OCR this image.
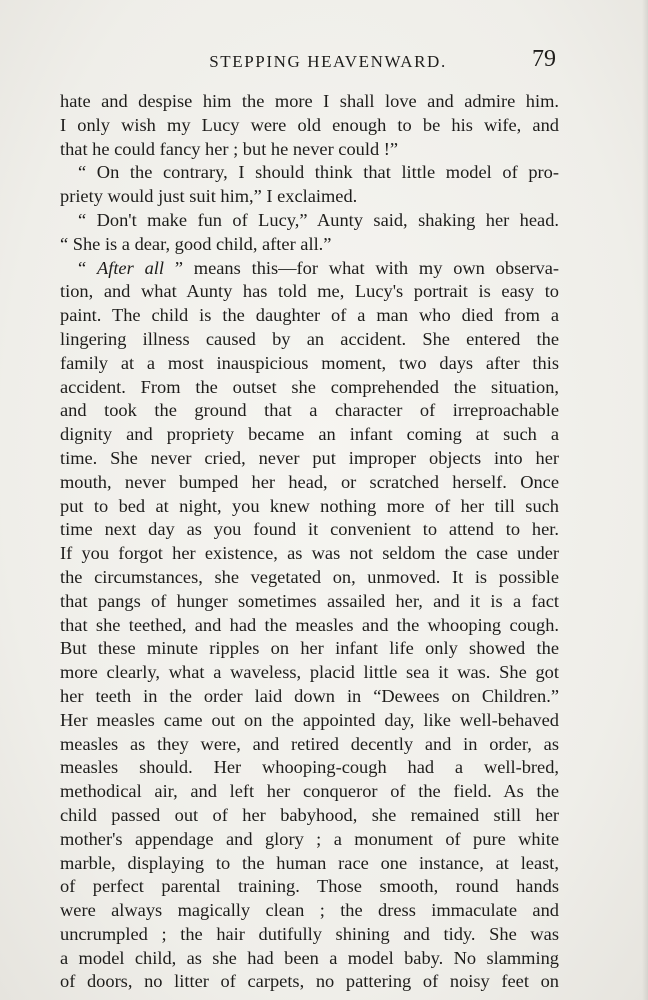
STEPPING HEAVENWARD.	79
hate and despise him the more I shall love and admire him.
I only wish my Lucy were old enough to be his wife, and
that he could fancy her ; but he never could !”
“ On the contrary, I should think that little model of pro-
priety would just suit him,” I exclaimed.
“ Don't make fun of Lucy,” Aunty said, shaking her head.
“ She is a dear, good child, after all.”
“ After all ” means this—for what with my own observa-
tion, and what Aunty has told me, Lucy's portrait is easy to
paint. The child is the daughter of a man who died from a
lingering illness caused by an accident. She entered the
family at a most inauspicious moment, two days after this
accident. From the outset she comprehended the situation,
and took the ground that a character of irreproachable
dignity and propriety became an infant coming at such a
time. She never cried, never put improper objects into her
mouth, never bumped her head, or scratched herself. Once
put to bed at night, you knew nothing more of her till such
time next day as you found it convenient to attend to her.
If you forgot her existence, as was not seldom the case under
the circumstances, she vegetated on, unmoved. It is possible
that pangs of hunger sometimes assailed her, and it is a fact
that she teethed, and had the measles and the whooping cough.
But these minute ripples on her infant life only showed the
more clearly, what a waveless, placid little sea it was. She got
her teeth in the order laid down in “Dewees on Children.”
Her measles came out on the appointed day, like well-behaved
measles as they were, and retired decently and in order, as
measles should. Her whooping-cough had a well-bred,
methodical air, and left her conqueror of the field. As the
child passed out of her babyhood, she remained still her
mother's appendage and glory ; a monument of pure white
marble, displaying to the human race one instance, at least,
of perfect parental training. Those smooth, round hands
were always magically clean ; the dress immaculate and
uncrumpled ; the hair dutifully shining and tidy. She was
a model child, as she had been a model baby. No slamming
of doors, no litter of carpets, no pattering of noisy feet on
